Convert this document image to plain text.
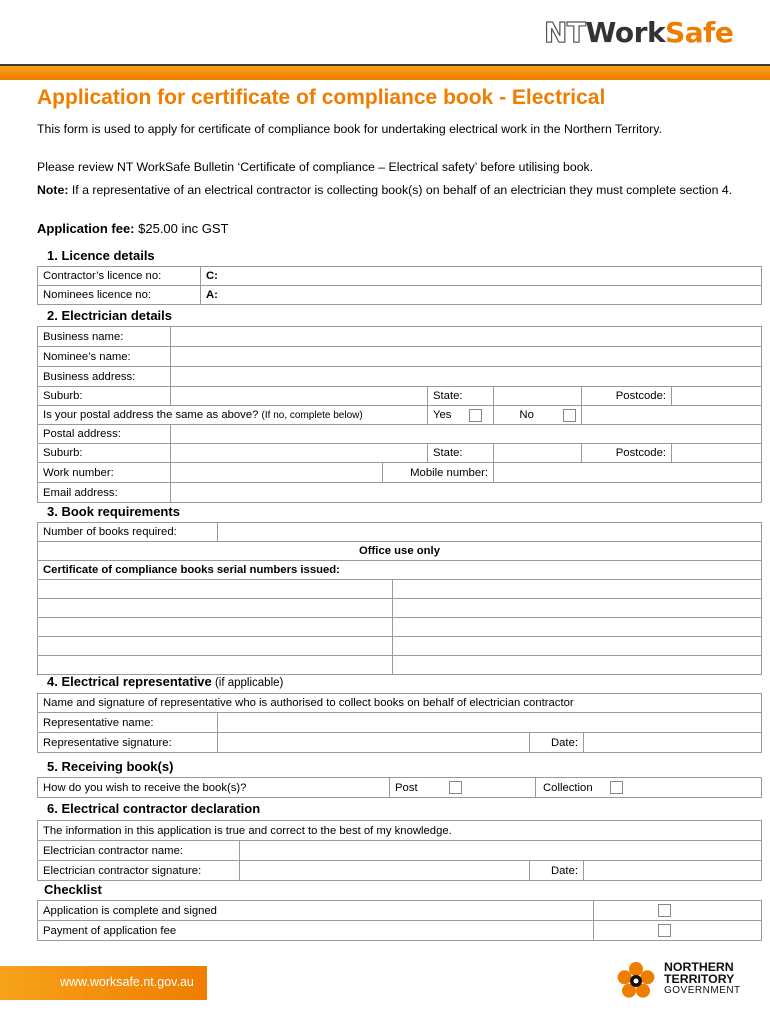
NTWorkSafe
Application for certificate of compliance book - Electrical

This form is used to apply for certificate of compliance book for undertaking electrical work in the Northern Territory.

Please review NT WorkSafe Bulletin ‘Certificate of compliance – Electrical safety’ before utilising book.

Note: If a representative of an electrical contractor is collecting book(s) on behalf of an electrician they must complete section 4.

Application fee: $25.00 inc GST

1. Licence details
Contractor’s licence no:	C:
Nominees licence no:	A:
2. Electrician details
Business name:						
Nominee’s name:						
Business address:						
Suburb:			State:		Postcode:	
Is your postal address the same as above? (If no, complete below)			Yes	No		
Postal address:						
Suburb:			State:		Postcode:	
Work number:		Mobile number:				
Email address:						
3. Book requirements
Number of books required:		
Office use only		
Certificate of compliance books serial numbers issued:		

4. Electrical representative (if applicable)
Name and signature of representative who is authorised to collect books on behalf of electrician contractor			
Representative name:			
Representative signature:		Date:	
5. Receiving book(s)
How do you wish to receive the book(s)?	Post	Collection
6. Electrical contractor declaration
The information in this application is true and correct to the best of my knowledge.			
Electrician contractor name:			
Electrician contractor signature:		Date:	
Checklist
Application is complete and signed	
Payment of application fee	
www.worksafe.nt.gov.au
NORTHERN
TERRITORY
GOVERNMENT
